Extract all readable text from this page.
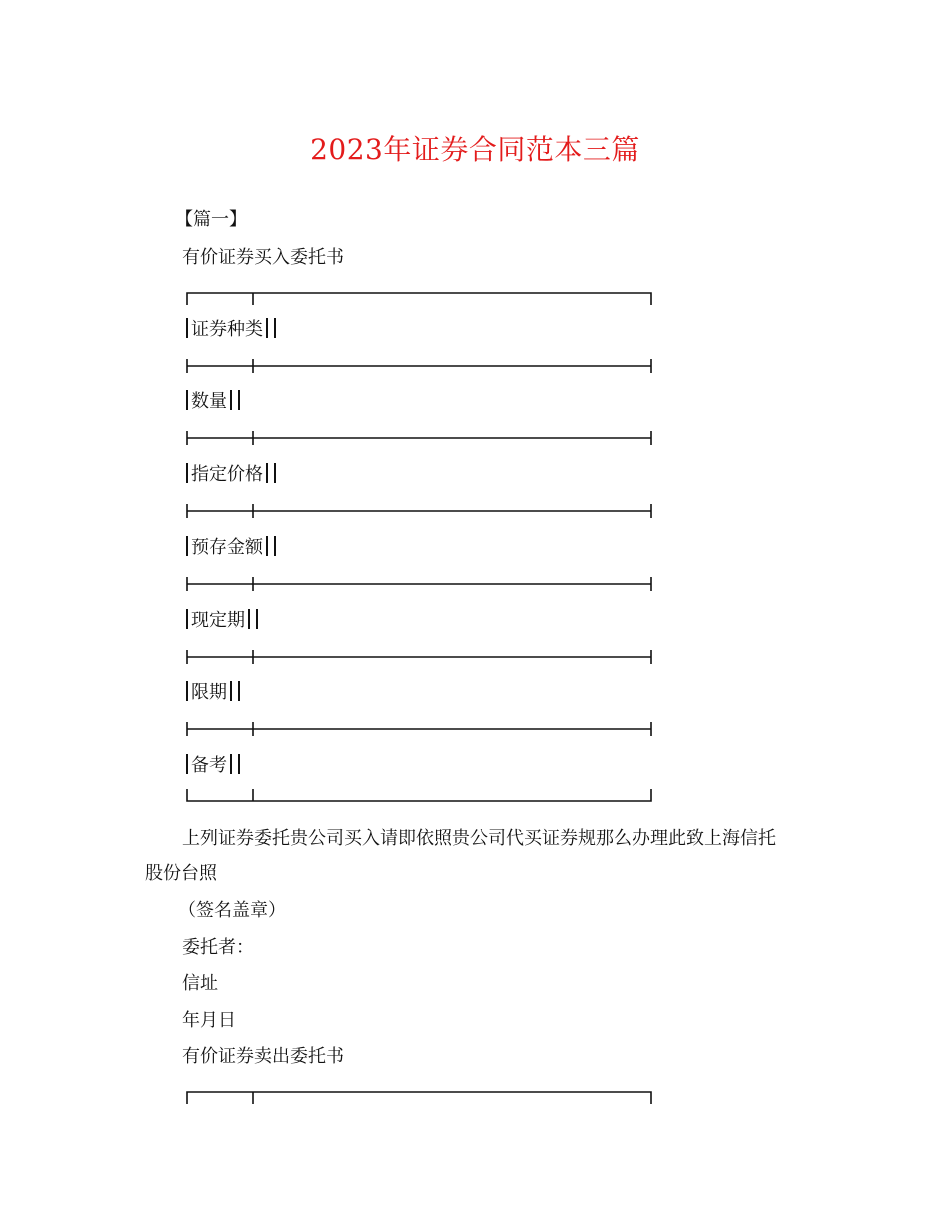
2023年证券合同范本三篇
【篇一】
有价证券买入委托书
证券种类
数量
指定价格
预存金额
现定期
限期
备考
上列证券委托贵公司买入请即依照贵公司代买证券规那么办理此致上海信托
股份台照
（签名盖章）
委托者：
信址
年月日
有价证券卖出委托书
